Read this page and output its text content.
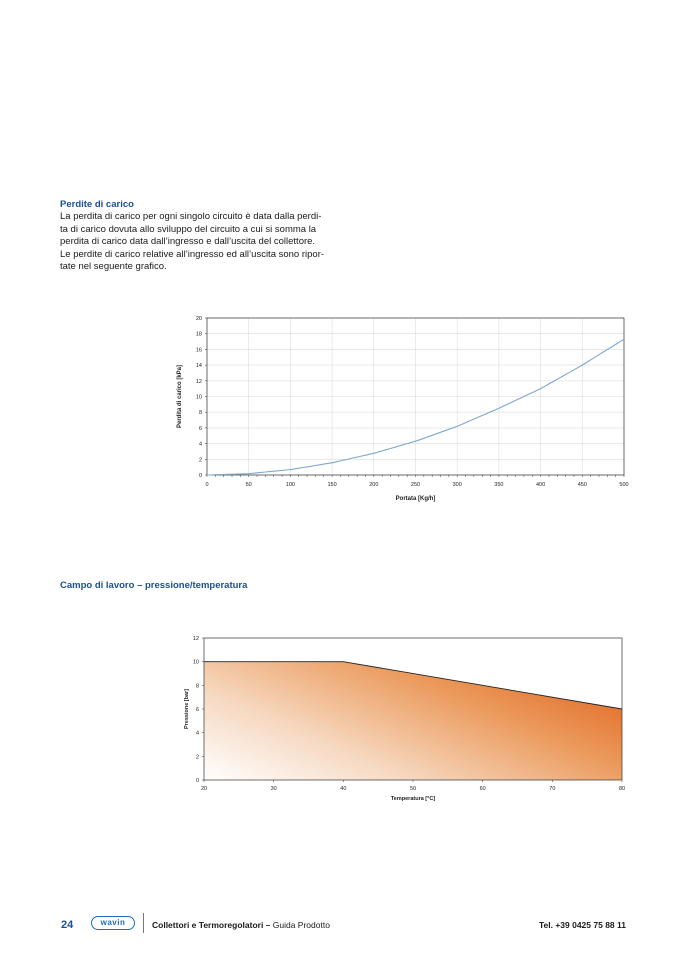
Perdite di carico
La perdita di carico per ogni singolo circuito è data dalla perdi-
ta di carico dovuta allo sviluppo del circuito a cui si somma la
perdita di carico data dall’ingresso e dall’uscita del collettore.
Le perdite di carico relative all’ingresso ed all’uscita sono ripor-
tate nel seguente grafico.
0	50	100	150	200	250	300	350	400	450	500
0
2
4
6
8
10
12
14
16
18
20
Portata [Kg/h]
Perdita di carico [kPa]
Campo di lavoro – pressione/temperatura
20	30	40	50	60	70	80
0
2
4
6
8
10
12
Temperatura [°C]
Pressione [bar]
24	wavin	Collettori e Termoregolatori – Guida Prodotto	Tel. +39 0425 75 88 11
